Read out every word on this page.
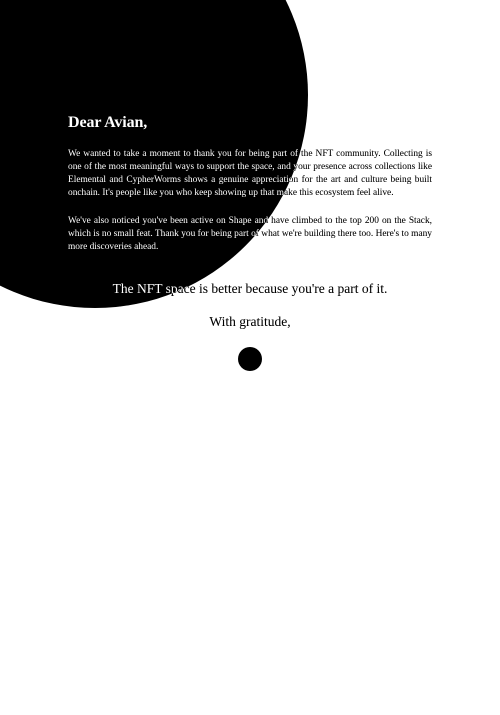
Dear Avian,

We wanted to take a moment to thank you for being part of the NFT community. Collecting is one of the most meaningful ways to support the space, and your presence across collections like Elemental and CypherWorms shows a genuine appreciation for the art and culture being built onchain. It's people like you who keep showing up that make this ecosystem feel alive.

We've also noticed you've been active on Shape and have climbed to the top 200 on the Stack, which is no small feat. Thank you for being part of what we're building there too. Here's to many more discoveries ahead.

The NFT space is better because you're a part of it.

With gratitude,
